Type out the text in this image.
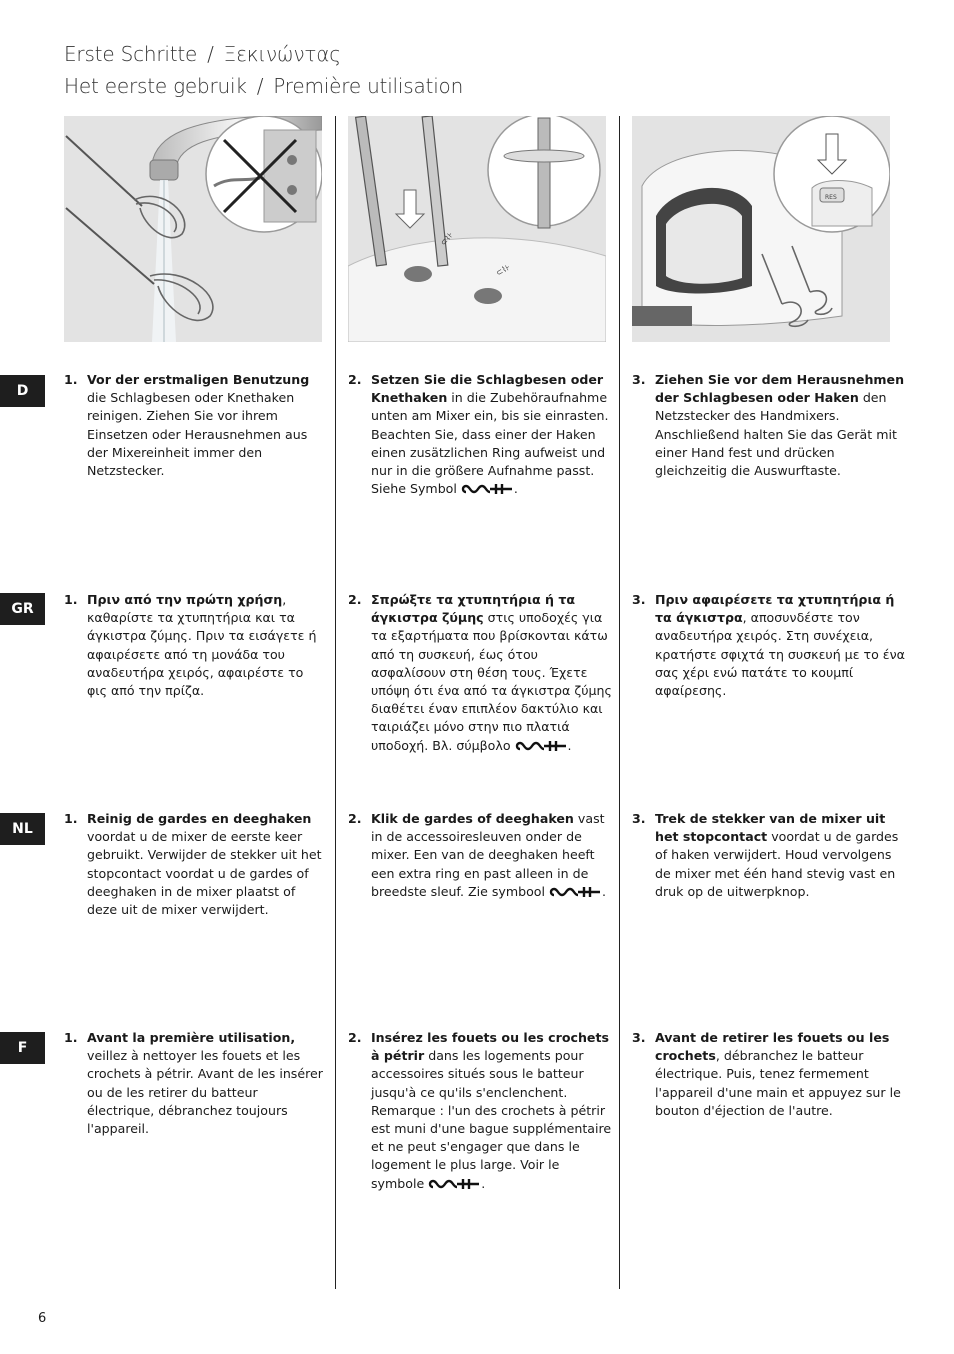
Erste Schritte / Ξεκινώντας
Het eerste gebruik / Première utilisation
⊂⌇⊦
⊂⌇⊦
RES
D
GR
NL
F
1. Vor der erstmaligen Benutzung die Schlagbesen oder Knethaken reinigen. Ziehen Sie vor ihrem Einsetzen oder Herausnehmen aus der Mixereinheit immer den Netzstecker.
2. Setzen Sie die Schlagbesen oder Knethaken in die Zubehöraufnahme unten am Mixer ein, bis sie einrasten. Beachten Sie, dass einer der Haken einen zusätzlichen Ring aufweist und nur in die größere Aufnahme passt. Siehe Symbol	.
3. Ziehen Sie vor dem Herausnehmen der Schlagbesen oder Haken den Netzstecker des Handmixers. Anschließend halten Sie das Gerät mit einer Hand fest und drücken gleichzeitig die Auswurftaste.
1. Πριν από την πρώτη χρήση, καθαρίστε τα χτυπητήρια και τα άγκιστρα ζύμης. Πριν τα εισάγετε ή αφαιρέσετε από τη μονάδα του αναδευτήρα χειρός, αφαιρέστε το φις από την πρίζα.
2. Σπρώξτε τα χτυπητήρια ή τα άγκιστρα ζύμης στις υποδοχές για τα εξαρτήματα που βρίσκονται κάτω από τη συσκευή, έως ότου ασφαλίσουν στη θέση τους. Έχετε υπόψη ότι ένα από τα άγκιστρα ζύμης διαθέτει έναν επιπλέον δακτύλιο και ταιριάζει μόνο στην πιο πλατιά υποδοχή. Βλ. σύμβολο	.
3. Πριν αφαιρέσετε τα χτυπητήρια ή τα άγκιστρα, αποσυνδέστε τον αναδευτήρα χειρός. Στη συνέχεια, κρατήστε σφιχτά τη συσκευή με το ένα σας χέρι ενώ πατάτε το κουμπί αφαίρεσης.
1. Reinig de gardes en deeghaken voordat u de mixer de eerste keer gebruikt. Verwijder de stekker uit het stopcontact voordat u de gardes of deeghaken in de mixer plaatst of deze uit de mixer verwijdert.
2. Klik de gardes of deeghaken vast in de accessoiresleuven onder de mixer. Een van de deeghaken heeft een extra ring en past alleen in de breedste sleuf. Zie symbool	.
3. Trek de stekker van de mixer uit het stopcontact voordat u de gardes of haken verwijdert. Houd vervolgens de mixer met één hand stevig vast en druk op de uitwerpknop.
1. Avant la première utilisation, veillez à nettoyer les fouets et les crochets à pétrir. Avant de les insérer ou de les retirer du batteur électrique, débranchez toujours l'appareil.
2. Insérez les fouets ou les crochets à pétrir dans les logements pour accessoires situés sous le batteur jusqu'à ce qu'ils s'enclenchent. Remarque : l'un des crochets à pétrir est muni d'une bague supplémentaire et ne peut s'engager que dans le logement le plus large. Voir le symbole	.
3. Avant de retirer les fouets ou les crochets, débranchez le batteur électrique. Puis, tenez fermement l'appareil d'une main et appuyez sur le bouton d'éjection de l'autre.
6
